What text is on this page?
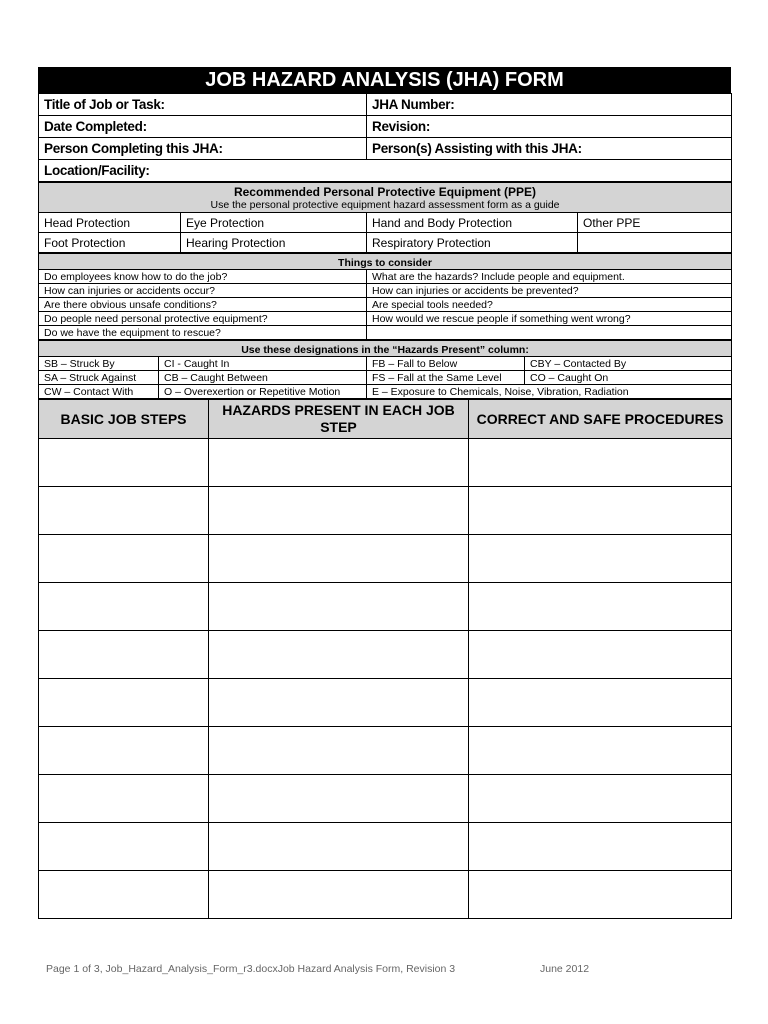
JOB HAZARD ANALYSIS (JHA) FORM
Title of Job or Task:	JHA Number:
Date Completed:	Revision:
Person Completing this JHA:	Person(s) Assisting with this JHA:
Location/Facility:	
Recommended Personal Protective Equipment (PPE)
Use the personal protective equipment hazard assessment form as a guide			

Head Protection	Eye Protection	Hand and Body Protection	Other PPE
Foot Protection	Hearing Protection	Respiratory Protection	
Things to consider	
Do employees know how to do the job?	What are the hazards? Include people and equipment.
How can injuries or accidents occur?	How can injuries or accidents be prevented?
Are there obvious unsafe conditions?	Are special tools needed?
Do people need personal protective equipment?	How would we rescue people if something went wrong?
Do we have the equipment to rescue?	
Use these designations in the “Hazards Present” column:			
SB – Struck By	CI - Caught In	FB – Fall to Below	CBY – Contacted By
SA – Struck Against	CB – Caught Between	FS – Fall at the Same Level	CO – Caught On
CW – Contact With	O – Overexertion or Repetitive Motion	E – Exposure to Chemicals, Noise, Vibration, Radiation	
BASIC JOB STEPS	HAZARDS PRESENT IN EACH JOB STEP	CORRECT AND SAFE PROCEDURES

Page 1 of 3, Job_Hazard_Analysis_Form_r3.docxJob Hazard Analysis Form, Revision 3	June 2012
